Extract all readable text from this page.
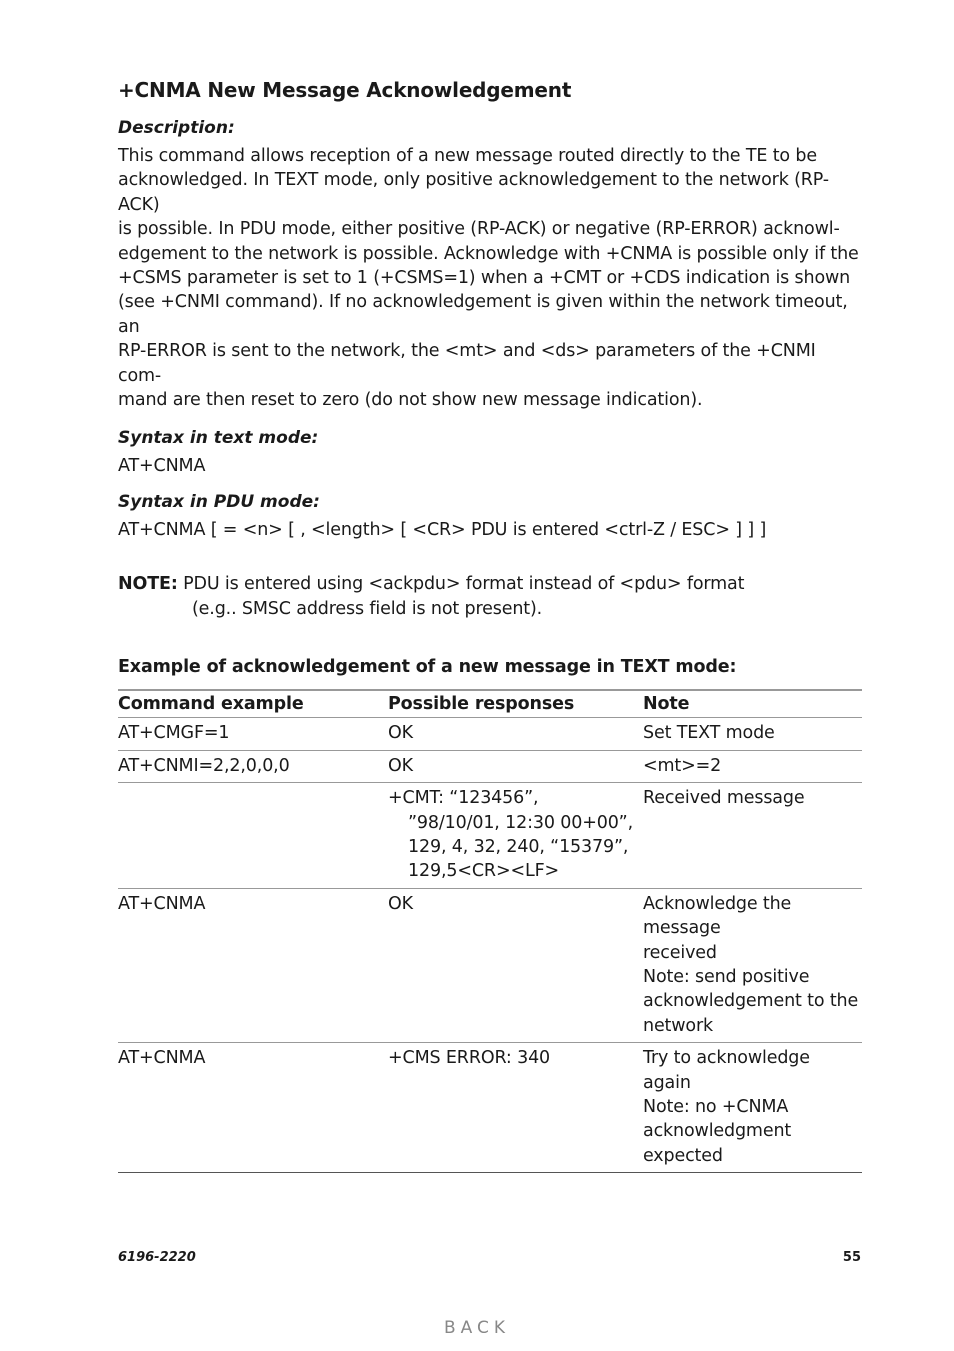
+CNMA New Message Acknowledgement
Description:
This command allows reception of a new message routed directly to the TE to be
acknowledged. In TEXT mode, only positive acknowledgement to the network (RP-ACK)
is possible. In PDU mode, either positive (RP-ACK) or negative (RP-ERROR) acknowl-
edgement to the network is possible. Acknowledge with +CNMA is possible only if the
+CSMS parameter is set to 1 (+CSMS=1) when a +CMT or +CDS indication is shown
(see +CNMI command). If no acknowledgement is given within the network timeout, an
RP-ERROR is sent to the network, the <mt> and <ds> parameters of the +CNMI com-
mand are then reset to zero (do not show new message indication).
Syntax in text mode:
AT+CNMA
Syntax in PDU mode:
AT+CNMA [ = <n> [ , <length> [ <CR> PDU is entered <ctrl-Z / ESC> ] ] ]
NOTE: PDU is entered using <ackpdu> format instead of <pdu> format
(e.g.. SMSC address field is not present).
Example of acknowledgement of a new message in TEXT mode:
Command example	Possible responses	Note
AT+CMGF=1	OK	Set TEXT mode

AT+CNMI=2,2,0,0,0	OK	<mt>=2

	+CMT: “123456”,
”98/10/01, 12:30 00+00”,
129, 4, 32, 240, “15379”,
129,5<CR><LF>	Received message

AT+CNMA	OK	Acknowledge the message
received
Note: send positive
acknowledgement to the
network

AT+CNMA	+CMS ERROR: 340	Try to acknowledge again
Note: no +CNMA
acknowledgment
expected
6196-2220	55
BACK
